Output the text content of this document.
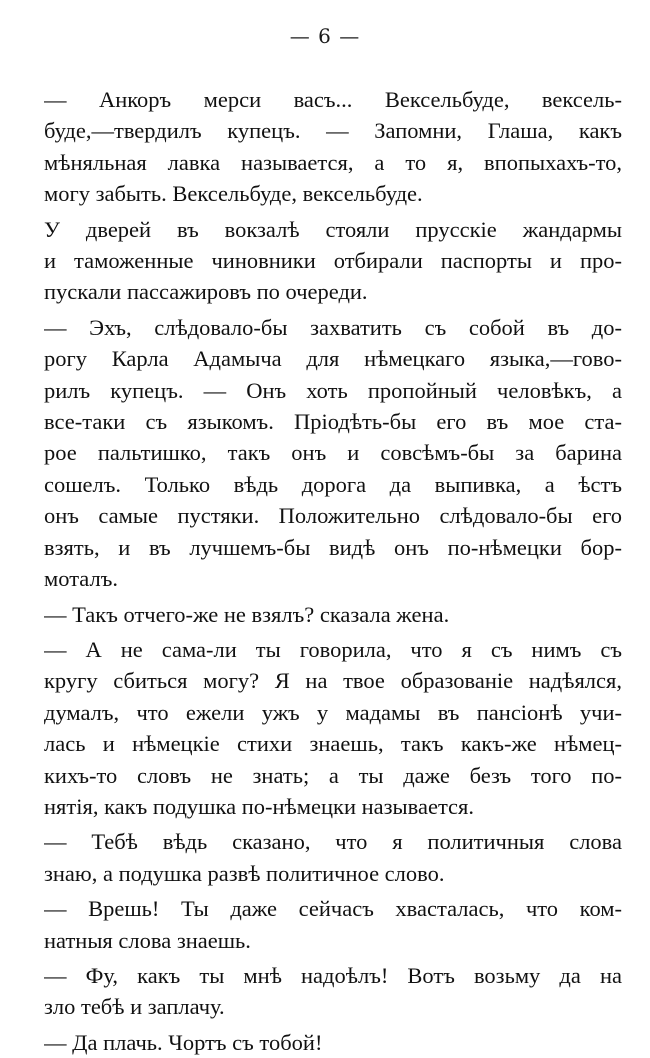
— 6 —
— Анкоръ мерси васъ... Вексельбуде, вексель-
буде,—твердилъ купецъ. — Запомни, Глаша, какъ
мѣняльная лавка называется, а то я, впопыхахъ-то,
могу забыть. Вексельбуде, вексельбуде.
У дверей въ вокзалѣ стояли прусскіе жандармы
и таможенные чиновники отбирали паспорты и про-
пускали пассажировъ по очереди.
— Эхъ, слѣдовало-бы захватить съ собой въ до-
рогу Карла Адамыча для нѣмецкаго языка,—гово-
рилъ купецъ. — Онъ хоть пропойный человѣкъ, а
все-таки съ языкомъ. Пріодѣть-бы его въ мое ста-
рое пальтишко, такъ онъ и совсѣмъ-бы за барина
сошелъ. Только вѣдь дорога да выпивка, а ѣстъ
онъ самые пустяки. Положительно слѣдовало-бы его
взять, и въ лучшемъ-бы видѣ онъ по-нѣмецки бор-
моталъ.
— Такъ отчего-же не взялъ? сказала жена.
— А не сама-ли ты говорила, что я съ нимъ съ
кругу сбиться могу? Я на твое образованіе надѣялся,
думалъ, что ежели ужъ у мадамы въ пансіонѣ учи-
лась и нѣмецкіе стихи знаешь, такъ какъ-же нѣмец-
кихъ-то словъ не знать; а ты даже безъ того по-
нятія, какъ подушка по-нѣмецки называется.
— Тебѣ вѣдь сказано, что я политичныя слова
знаю, а подушка развѣ политичное слово.
— Врешь! Ты даже сейчасъ хвасталась, что ком-
натныя слова знаешь.
— Фу, какъ ты мнѣ надоѣлъ! Вотъ возьму да на
зло тебѣ и заплачу.
— Да плачь. Чортъ съ тобой!
